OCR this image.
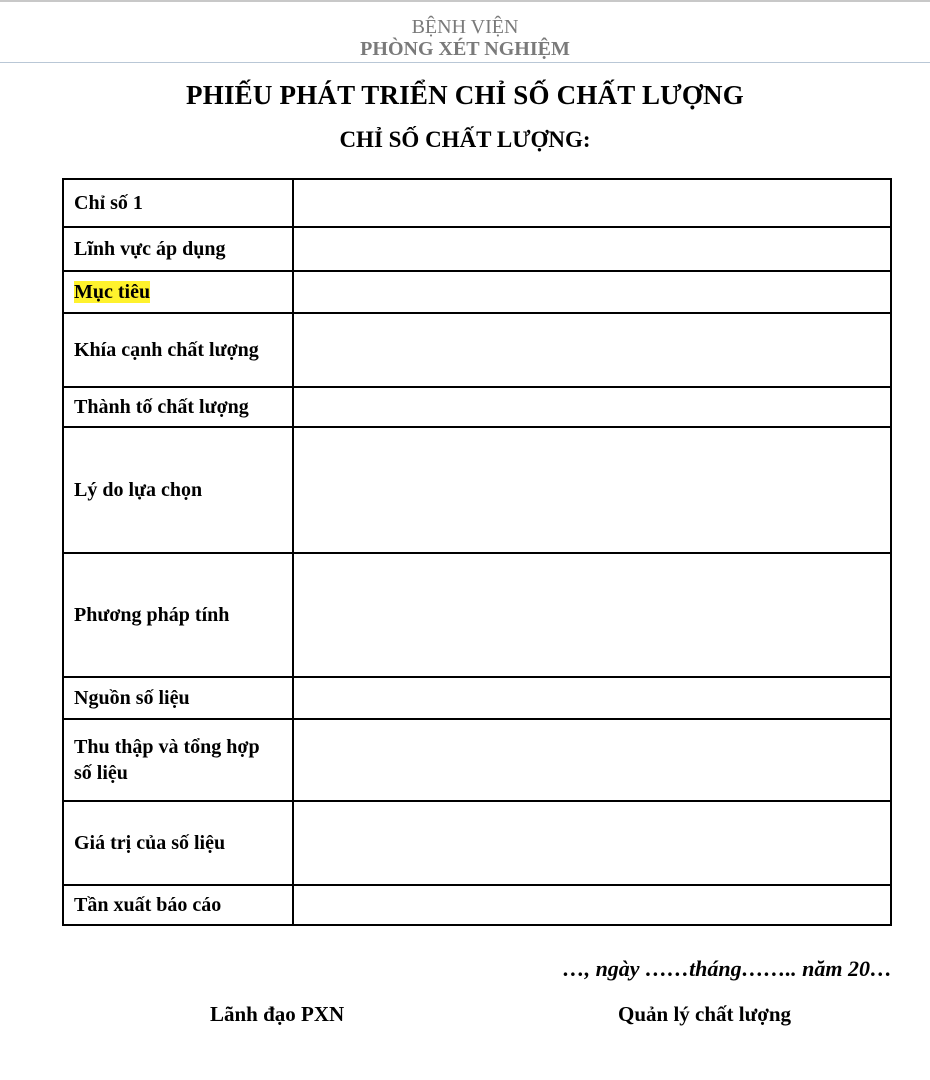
BỆNH VIỆN
PHÒNG XÉT NGHIỆM
PHIẾU PHÁT TRIỂN CHỈ SỐ CHẤT LƯỢNG
CHỈ SỐ CHẤT LƯỢNG:
Chỉ số 1	
Lĩnh vực áp dụng	
Mục tiêu	
Khía cạnh chất lượng	
Thành tố chất lượng	
Lý do lựa chọn	
Phương pháp tính	
Nguồn số liệu	
Thu thập và tổng hợp số liệu	
Giá trị của số liệu	
Tần xuất báo cáo	
…, ngày ……tháng…….. năm 20…
Lãnh đạo PXN	Quản lý chất lượng
